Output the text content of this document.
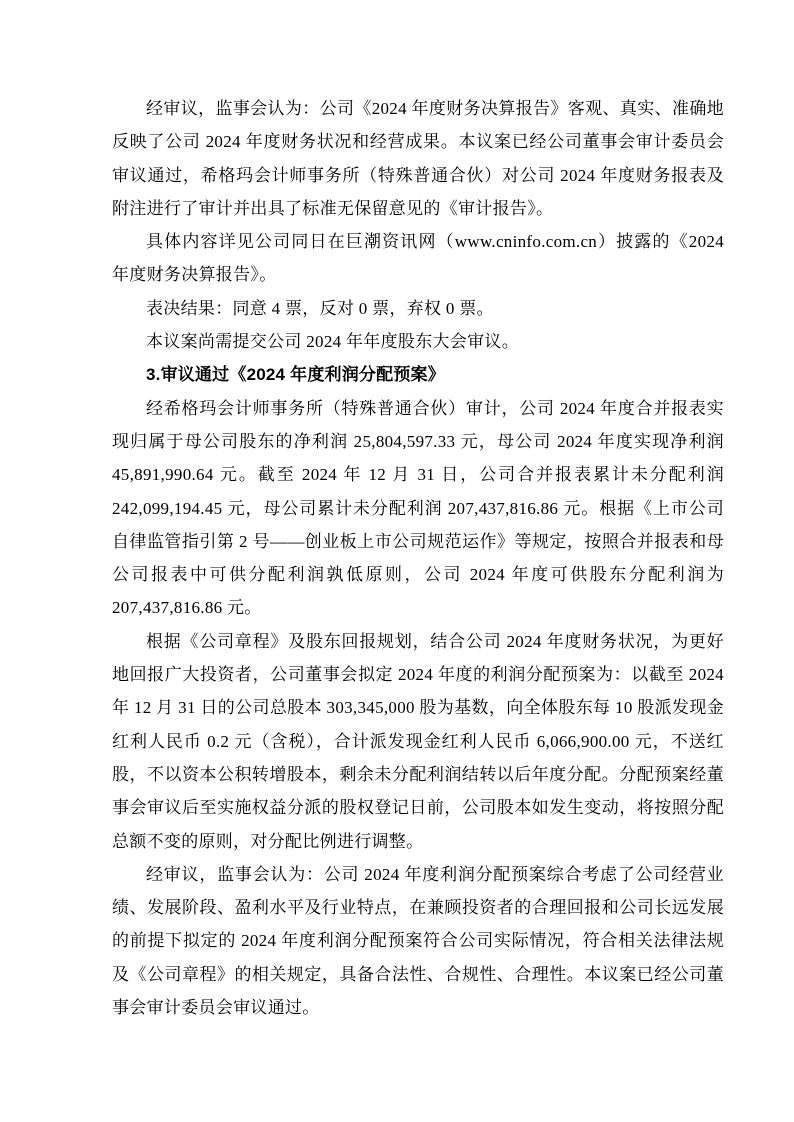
经审议，监事会认为：公司《2024 年度财务决算报告》客观、真实、准确地反映了公司 2024 年度财务状况和经营成果。本议案已经公司董事会审计委员会审议通过，希格玛会计师事务所（特殊普通合伙）对公司 2024 年度财务报表及附注进行了审计并出具了标准无保留意见的《审计报告》。

具体内容详见公司同日在巨潮资讯网（www.cninfo.com.cn）披露的《2024 年度财务决算报告》。

表决结果：同意 4 票，反对 0 票，弃权 0 票。

本议案尚需提交公司 2024 年年度股东大会审议。

3.审议通过《2024 年度利润分配预案》

经希格玛会计师事务所（特殊普通合伙）审计，公司 2024 年度合并报表实现归属于母公司股东的净利润 25,804,597.33 元，母公司 2024 年度实现净利润 45,891,990.64 元。截至 2024 年 12 月 31 日，公司合并报表累计未分配利润 242,099,194.45 元，母公司累计未分配利润 207,437,816.86 元。根据《上市公司自律监管指引第 2 号——创业板上市公司规范运作》等规定，按照合并报表和母公司报表中可供分配利润孰低原则，公司 2024 年度可供股东分配利润为 207,437,816.86 元。

根据《公司章程》及股东回报规划，结合公司 2024 年度财务状况，为更好地回报广大投资者，公司董事会拟定 2024 年度的利润分配预案为：以截至 2024 年 12 月 31 日的公司总股本 303,345,000 股为基数，向全体股东每 10 股派发现金红利人民币 0.2 元（含税），合计派发现金红利人民币 6,066,900.00 元，不送红股，不以资本公积转增股本，剩余未分配利润结转以后年度分配。分配预案经董事会审议后至实施权益分派的股权登记日前，公司股本如发生变动，将按照分配总额不变的原则，对分配比例进行调整。

经审议，监事会认为：公司 2024 年度利润分配预案综合考虑了公司经营业绩、发展阶段、盈利水平及行业特点，在兼顾投资者的合理回报和公司长远发展的前提下拟定的 2024 年度利润分配预案符合公司实际情况，符合相关法律法规及《公司章程》的相关规定，具备合法性、合规性、合理性。本议案已经公司董事会审计委员会审议通过。
